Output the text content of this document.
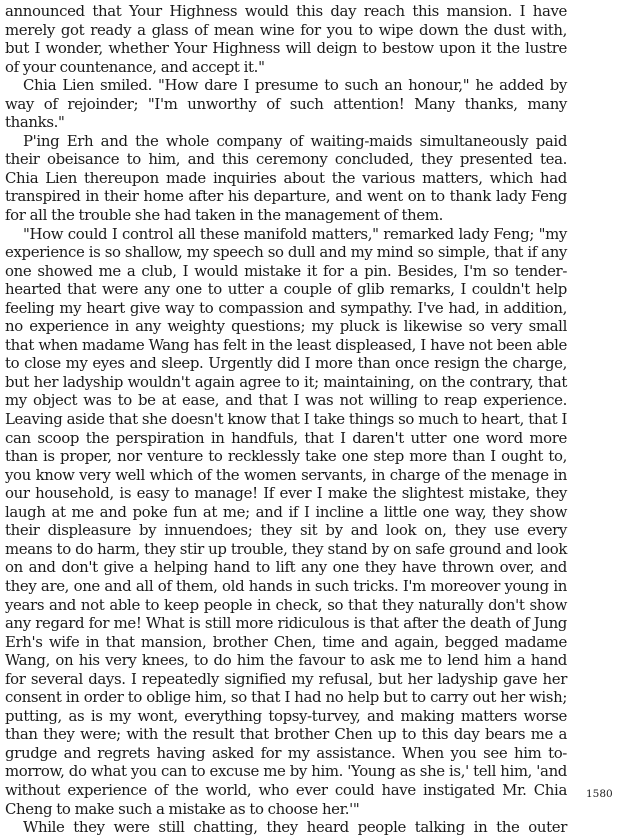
announced that Your Highness would this day reach this mansion. I have merely got ready a glass of mean wine for you to wipe down the dust with, but I wonder, whether Your Highness will deign to bestow upon it the lustre of your countenance, and accept it."

Chia Lien smiled. "How dare I presume to such an honour," he added by way of rejoinder; "I'm unworthy of such attention! Many thanks, many thanks."

P'ing Erh and the whole company of waiting-maids simultaneously paid their obeisance to him, and this ceremony concluded, they presented tea. Chia Lien thereupon made inquiries about the various matters, which had transpired in their home after his departure, and went on to thank lady Feng for all the trouble she had taken in the management of them.

"How could I control all these manifold matters," remarked lady Feng; "my experience is so shallow, my speech so dull and my mind so simple, that if any one showed me a club, I would mistake it for a pin. Besides, I'm so tender-hearted that were any one to utter a couple of glib remarks, I couldn't help feeling my heart give way to compassion and sympathy. I've had, in addition, no experience in any weighty questions; my pluck is likewise so very small that when madame Wang has felt in the least displeased, I have not been able to close my eyes and sleep. Urgently did I more than once resign the charge, but her ladyship wouldn't again agree to it; maintaining, on the contrary, that my object was to be at ease, and that I was not willing to reap experience. Leaving aside that she doesn't know that I take things so much to heart, that I can scoop the perspiration in handfuls, that I daren't utter one word more than is proper, nor venture to recklessly take one step more than I ought to, you know very well which of the women servants, in charge of the menage in our household, is easy to manage! If ever I make the slightest mistake, they laugh at me and poke fun at me; and if I incline a little one way, they show their displeasure by innuendoes; they sit by and look on, they use every means to do harm, they stir up trouble, they stand by on safe ground and look on and don't give a helping hand to lift any one they have thrown over, and they are, one and all of them, old hands in such tricks. I'm moreover young in years and not able to keep people in check, so that they naturally don't show any regard for me! What is still more ridiculous is that after the death of Jung Erh's wife in that mansion, brother Chen, time and again, begged madame Wang, on his very knees, to do him the favour to ask me to lend him a hand for several days. I repeatedly signified my refusal, but her ladyship gave her consent in order to oblige him, so that I had no help but to carry out her wish; putting, as is my wont, everything topsy-turvey, and making matters worse than they were; with the result that brother Chen up to this day bears me a grudge and regrets having asked for my assistance. When you see him to-morrow, do what you can to excuse me by him. 'Young as she is,' tell him, 'and without experience of the world, who ever could have instigated Mr. Chia Cheng to make such a mistake as to choose her.'"

While they were still chatting, they heard people talking in the outer

1580
